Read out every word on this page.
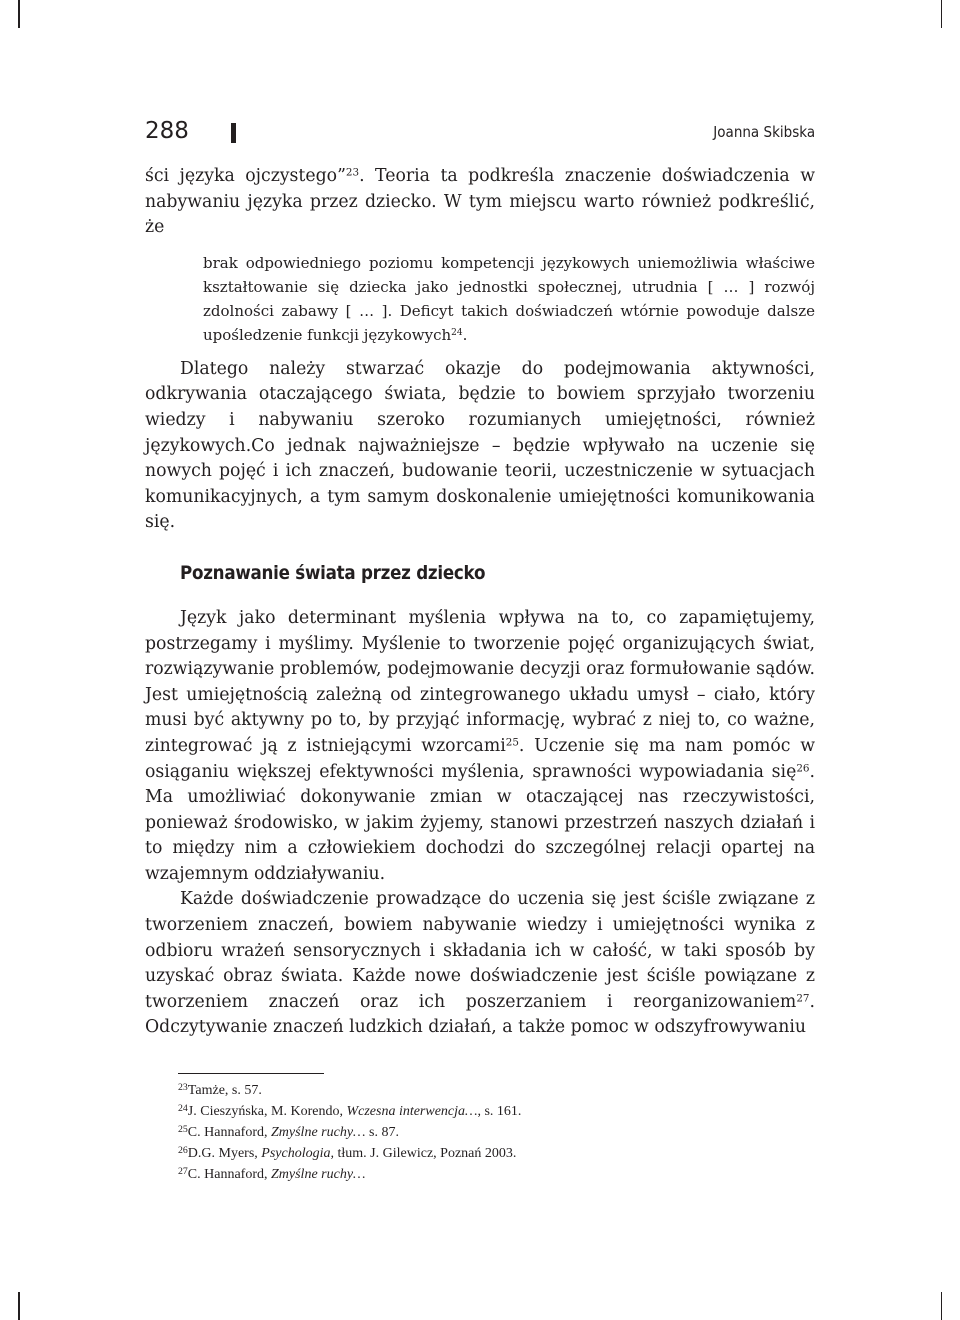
288	Joanna Skibska

ści języka ojczystego”$^{23}$. Teoria ta podkreśla znaczenie doświadczenia w nabywaniu języka przez dziecko. W tym miejscu warto również podkreślić, że

brak odpowiedniego poziomu kompetencji językowych uniemożliwia właściwe kształtowanie się dziecka jako jednostki społecznej, utrudnia [ … ] rozwój zdolności zabawy [ … ]. Deficyt takich doświadczeń wtórnie powoduje dalsze upośledzenie funkcji językowych$^{24}$.

Dlatego należy stwarzać okazje do podejmowania aktywności, odkrywania otaczającego świata, będzie to bowiem sprzyjało tworzeniu wiedzy i nabywaniu szeroko rozumianych umiejętności, również językowych.Co jednak najważniejsze – będzie wpływało na uczenie się nowych pojęć i ich znaczeń, budowanie teorii, uczestniczenie w sytuacjach komunikacyjnych, a tym samym doskonalenie umiejętności komunikowania się.

Poznawanie świata przez dziecko

Język jako determinant myślenia wpływa na to, co zapamiętujemy, postrzegamy i myślimy. Myślenie to tworzenie pojęć organizujących świat, rozwiązywanie problemów, podejmowanie decyzji oraz formułowanie sądów. Jest umiejętnością zależną od zintegrowanego układu umysł – ciało, który musi być aktywny po to, by przyjąć informację, wybrać z niej to, co ważne, zintegrować ją z istniejącymi wzorcami$^{25}$. Uczenie się ma nam pomóc w osiąganiu większej efektywności myślenia, sprawności wypowiadania się$^{26}$. Ma umożliwiać dokonywanie zmian w otaczającej nas rzeczywistości, ponieważ środowisko, w jakim żyjemy, stanowi przestrzeń naszych działań i to między nim a człowiekiem dochodzi do szczególnej relacji opartej na wzajemnym oddziaływaniu.

Każde doświadczenie prowadzące do uczenia się jest ściśle związane z tworzeniem znaczeń, bowiem nabywanie wiedzy i umiejętności wynika z odbioru wrażeń sensorycznych i składania ich w całość, w taki sposób by uzyskać obraz świata. Każde nowe doświadczenie jest ściśle powiązane z tworzeniem znaczeń oraz ich poszerzaniem i reorganizowaniem$^{27}$. Odczytywanie znaczeń ludzkich działań, a także pomoc w odszyfrowywaniu

$^{23}$Tamże, s. 57.

$^{24}$J. Cieszyńska, M. Korendo, Wczesna interwencja…, s. 161.

$^{25}$C. Hannaford, Zmyślne ruchy… s. 87.

$^{26}$D.G. Myers, Psychologia, tłum. J. Gilewicz, Poznań 2003.

$^{27}$C. Hannaford, Zmyślne ruchy…
